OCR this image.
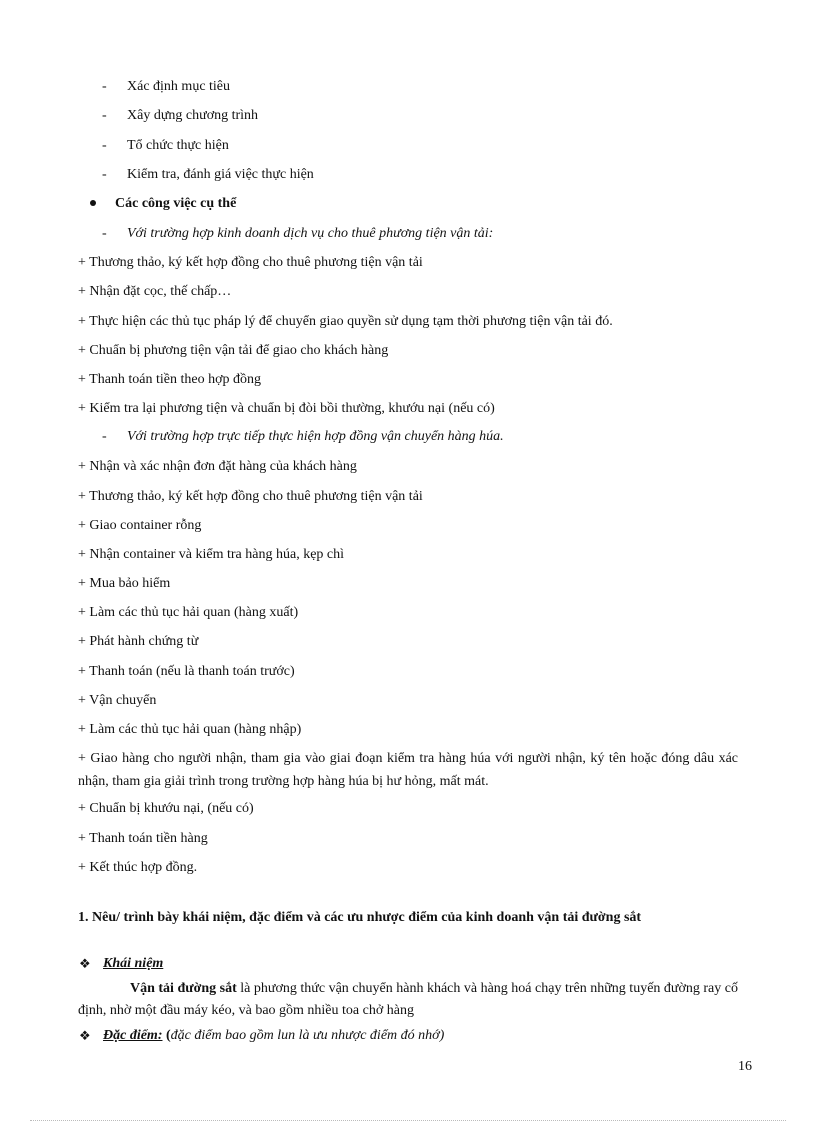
- Xác định mục tiêu
- Xây dựng chương trình
- Tổ chức thực hiện
- Kiểm tra, đánh giá việc thực hiện
Các công việc cụ thể
- Với trường hợp kinh doanh dịch vụ cho thuê phương tiện vận tải:
+ Thương thảo, ký kết hợp đồng cho thuê phương tiện vận tải
+ Nhận đặt cọc, thế chấp…
+ Thực hiện các thủ tục pháp lý để chuyển giao quyền sử dụng tạm thời phương tiện vận tải đó.
+ Chuẩn bị phương tiện vận tải để giao cho khách hàng
+ Thanh toán tiền theo hợp đồng
+ Kiểm tra lại phương tiện và chuẩn bị đòi bồi thường, khướu nại (nếu có)
- Với trường hợp trực tiếp thực hiện hợp đồng vận chuyển hàng húa.
+ Nhận và xác nhận đơn đặt hàng của khách hàng
+ Thương thảo, ký kết hợp đồng cho thuê phương tiện vận tải
+ Giao container rỗng
+ Nhận container và kiểm tra hàng húa, kẹp chì
+ Mua bảo hiểm
+ Làm các thủ tục hải quan (hàng xuất)
+ Phát hành chứng từ
+ Thanh toán (nếu là thanh toán trước)
+ Vận chuyển
+ Làm các thủ tục hải quan (hàng nhập)
+ Giao hàng cho người nhận, tham gia vào giai đoạn kiểm tra hàng húa với người nhận, ký tên hoặc đóng dâu xác nhận, tham gia giải trình trong trường hợp hàng húa bị hư hỏng, mất mát.
+ Chuẩn bị khướu nại, (nếu có)
+ Thanh toán tiền hàng
+ Kết thúc hợp đồng.
1. Nêu/ trình bày khái niệm, đặc điểm và các ưu nhược điểm của kinh doanh vận tải đường sắt
❖ Khái niệm
Vận tải đường sắt là phương thức vận chuyển hành khách và hàng hoá chạy trên những tuyến đường ray cố định, nhờ một đầu máy kéo, và bao gồm nhiều toa chở hàng
❖ Đặc điểm: (đặc điểm bao gồm lun là ưu nhược điểm đó nhớ)
16
